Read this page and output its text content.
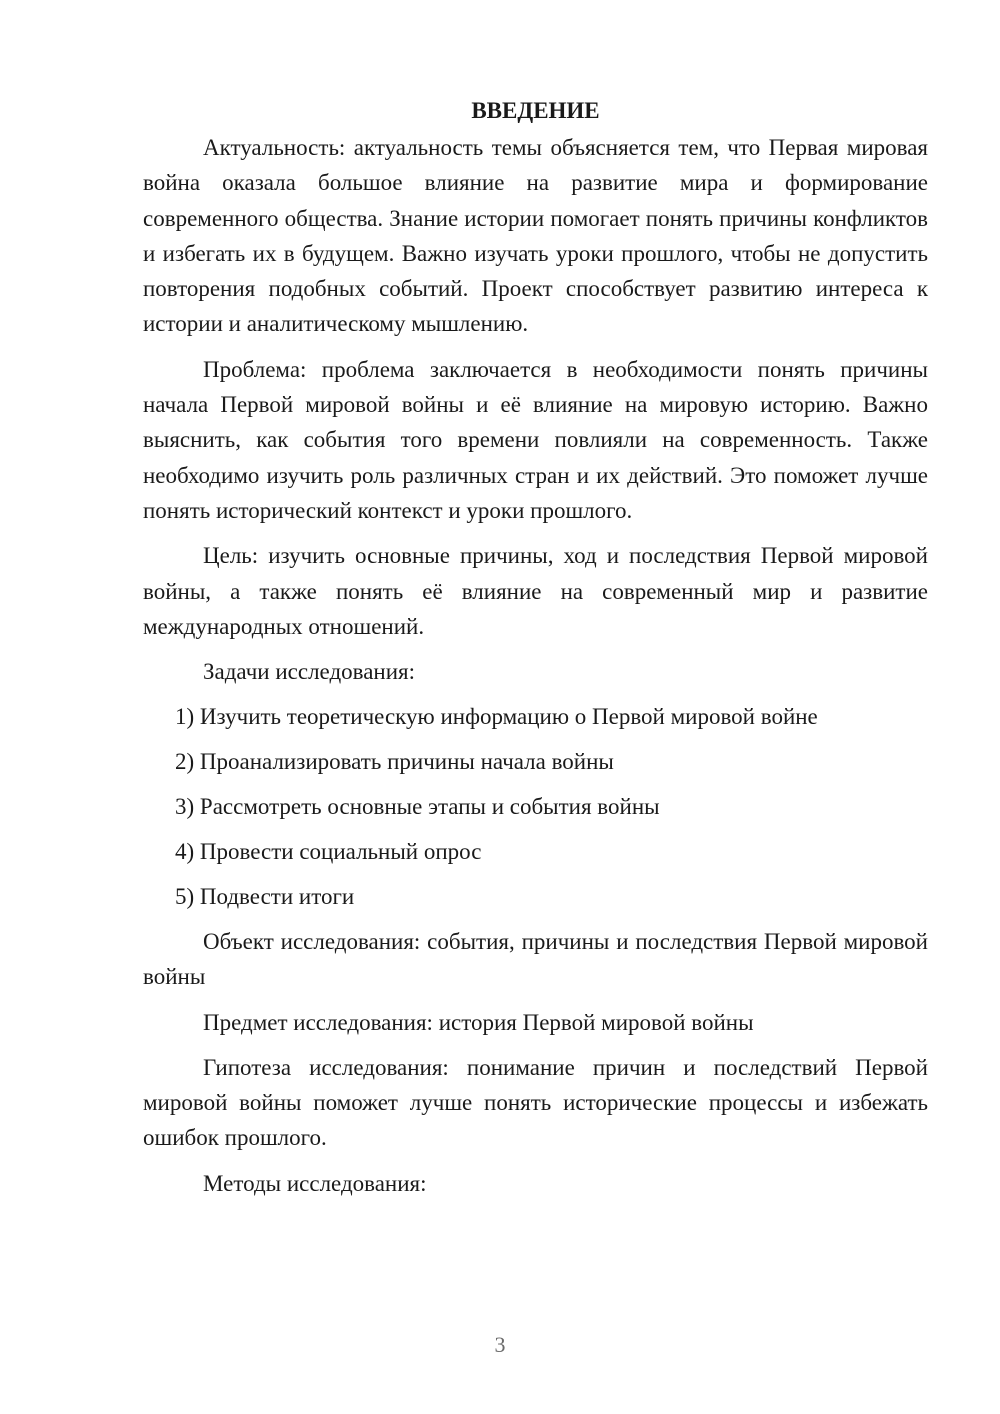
ВВЕДЕНИЕ

Актуальность: актуальность темы объясняется тем, что Первая мировая война оказала большое влияние на развитие мира и формирование современного общества. Знание истории помогает понять причины конфликтов и избегать их в будущем. Важно изучать уроки прошлого, чтобы не допустить повторения подобных событий. Проект способствует развитию интереса к истории и аналитическому мышлению.

Проблема: проблема заключается в необходимости понять причины начала Первой мировой войны и её влияние на мировую историю. Важно выяснить, как события того времени повлияли на современность. Также необходимо изучить роль различных стран и их действий. Это поможет лучше понять исторический контекст и уроки прошлого.

Цель: изучить основные причины, ход и последствия Первой мировой войны, а также понять её влияние на современный мир и развитие международных отношений.

Задачи исследования:
1) Изучить теоретическую информацию о Первой мировой войне
2) Проанализировать причины начала войны
3) Рассмотреть основные этапы и события войны
4) Провести социальный опрос
5) Подвести итоги

Объект исследования: события, причины и последствия Первой мировой войны

Предмет исследования: история Первой мировой войны

Гипотеза исследования: понимание причин и последствий Первой мировой войны поможет лучше понять исторические процессы и избежать ошибок прошлого.

Методы исследования:
3
